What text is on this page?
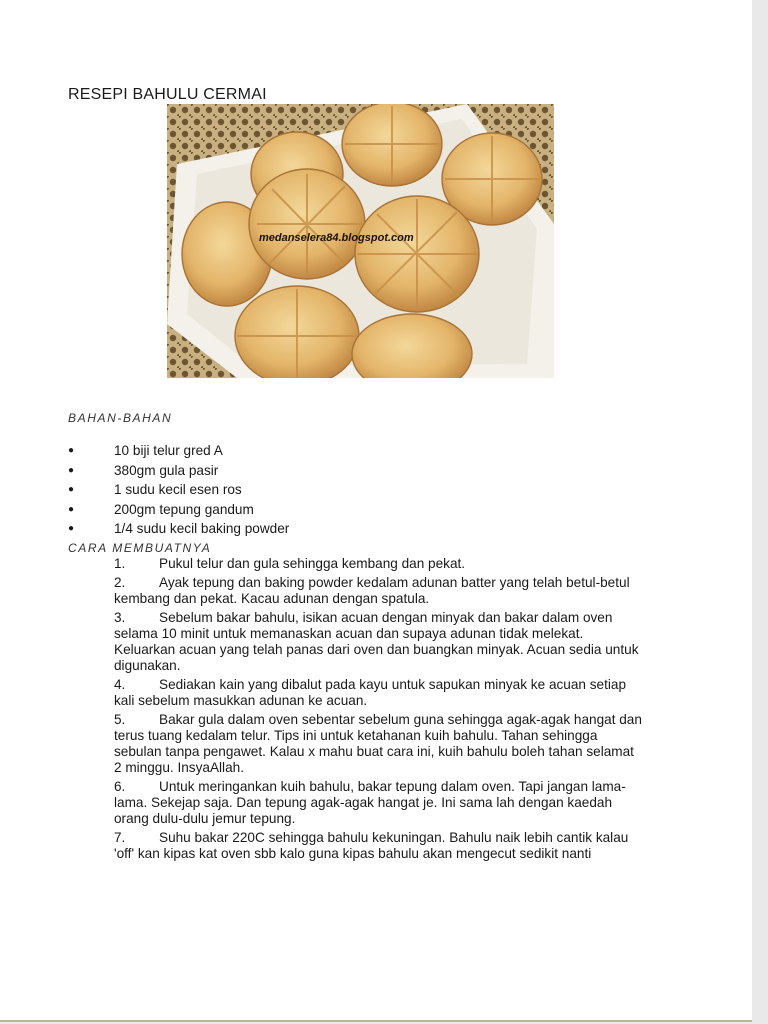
RESEPI BAHULU CERMAI
medanselera84.blogspot.com
BAHAN-BAHAN
●	10 biji telur gred A
●	380gm gula pasir
●	1 sudu kecil esen ros
●	200gm tepung gandum
●	1/4 sudu kecil baking powder
CARA MEMBUATNYA
1. Pukul telur dan gula sehingga kembang dan pekat.
2. Ayak tepung dan baking powder kedalam adunan batter yang telah betul-betul kembang dan pekat. Kacau adunan dengan spatula.
3. Sebelum bakar bahulu, isikan acuan dengan minyak dan bakar dalam oven selama 10 minit untuk memanaskan acuan dan supaya adunan tidak melekat. Keluarkan acuan yang telah panas dari oven dan buangkan minyak. Acuan sedia untuk digunakan.
4. Sediakan kain yang dibalut pada kayu untuk sapukan minyak ke acuan setiap kali sebelum masukkan adunan ke acuan.
5. Bakar gula dalam oven sebentar sebelum guna sehingga agak-agak hangat dan terus tuang kedalam telur. Tips ini untuk ketahanan kuih bahulu. Tahan sehingga sebulan tanpa pengawet. Kalau x mahu buat cara ini, kuih bahulu boleh tahan selamat 2 minggu. InsyaAllah.
6. Untuk meringankan kuih bahulu, bakar tepung dalam oven. Tapi jangan lama-lama. Sekejap saja. Dan tepung agak-agak hangat je. Ini sama lah dengan kaedah orang dulu-dulu jemur tepung.
7. Suhu bakar 220C sehingga bahulu kekuningan. Bahulu naik lebih cantik kalau 'off' kan kipas kat oven sbb kalo guna kipas bahulu akan mengecut sedikit nanti
